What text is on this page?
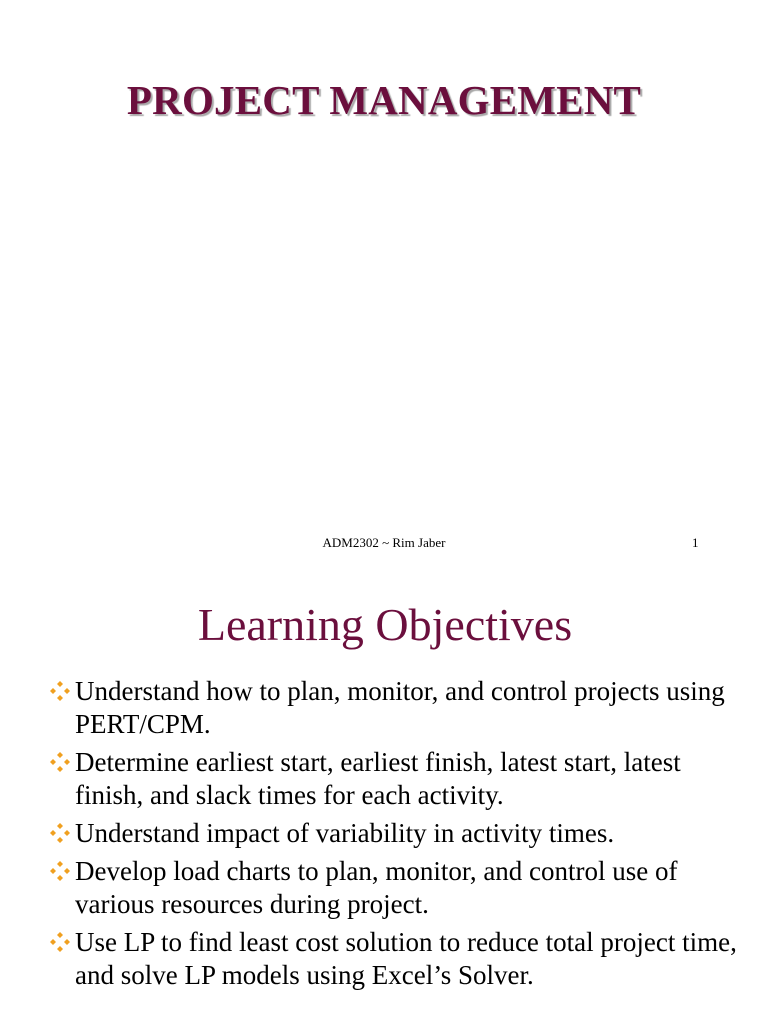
PROJECT MANAGEMENT
ADM2302 ~ Rim Jaber	1
Learning Objectives
Understand how to plan, monitor, and control projects using PERT/CPM.
Determine earliest start, earliest finish, latest start, latest finish, and slack times for each activity.
Understand impact of variability in activity times.
Develop load charts to plan, monitor, and control use of various resources during project.
Use LP to find least cost solution to reduce total project time, and solve LP models using Excel’s Solver.
